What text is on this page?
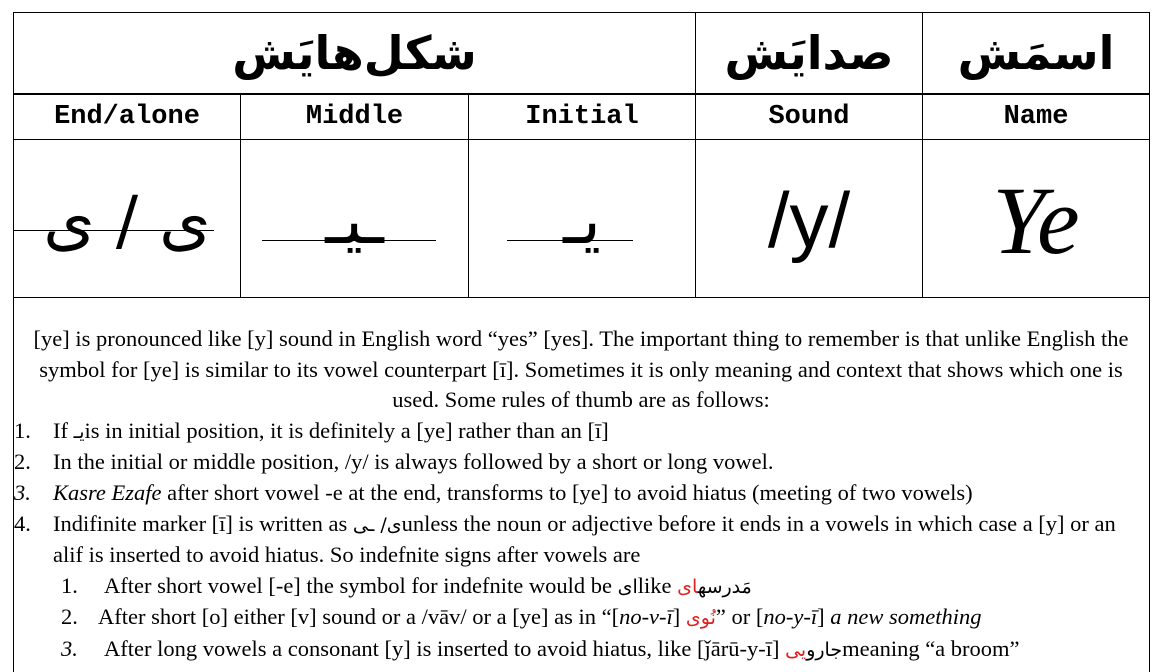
شکل‌هایَش	صدایَش	اسمَش
End/alone	Middle	Initial	Sound	Name
ی / ی	ـیـ	یـ	/y/	Ye
[ye] is pronounced like [y] sound in English word “yes” [yes]. The important thing to remember is that unlike English the symbol for [ye] is similar to its vowel counterpart [ī]. Sometimes it is only meaning and context that shows which one is used. Some rules of thumb are as follows:
1. If یـis in initial position, it is definitely a [ye] rather than an [ī]
2. In the initial or middle position, /y/ is always followed by a short or long vowel.
3. Kasre Ezafe after short vowel -e at the end, transforms to [ye] to avoid hiatus (meeting of two vowels)
4. Indifinite marker [ī] is written as ی/ ـیunless the noun or adjective before it ends in a vowels in which case a [y] or an alif is inserted to avoid hiatus. So indefnite signs after vowels are
1. After short vowel [-e] the symbol for indefnite would be ایlike مَدرسهای
2. After short [o] either [v] sound or a /vāv/ or a [ye] as in “[no-v-ī] نُوی” or [no-y-ī] a new something
3. After long vowels a consonant [y] is inserted to avoid hiatus, like [ǰārū-y-ī] جارویی meaning “a broom”
